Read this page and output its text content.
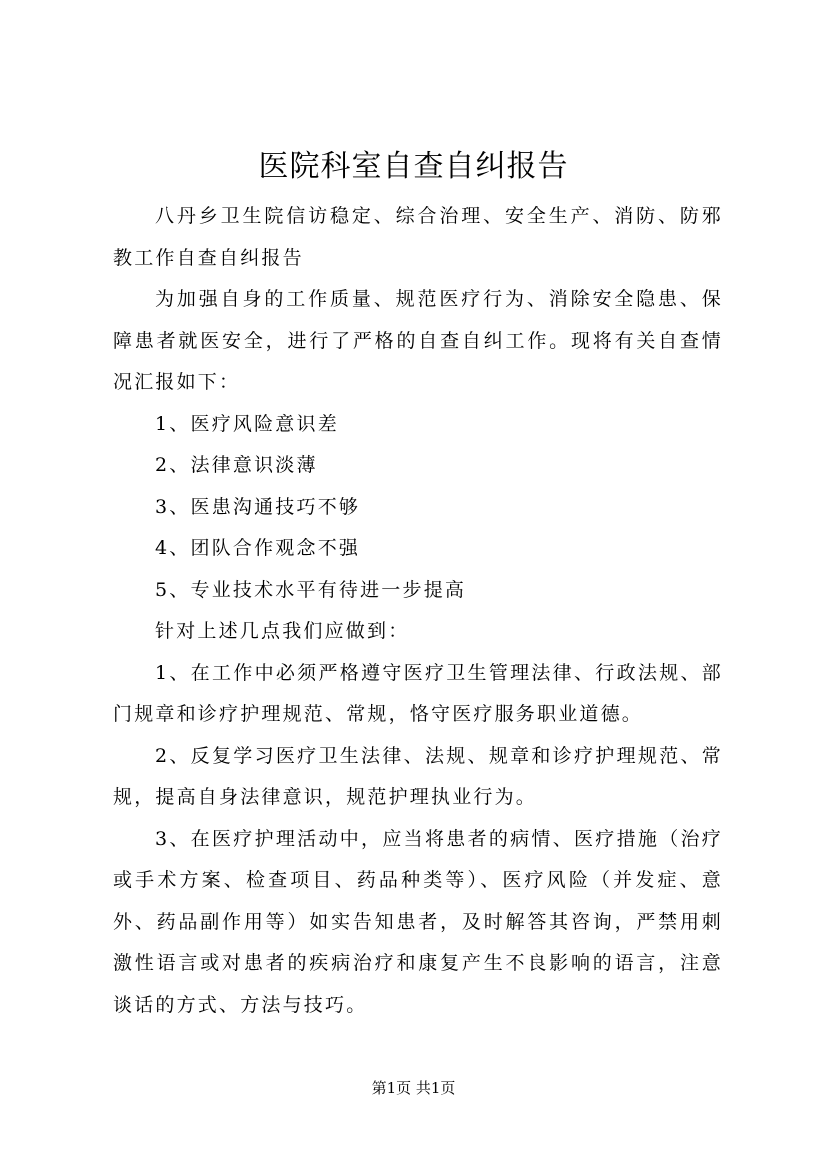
医院科室自查自纠报告

八丹乡卫生院信访稳定、综合治理、安全生产、消防、防邪教工作自查自纠报告

为加强自身的工作质量、规范医疗行为、消除安全隐患、保障患者就医安全，进行了严格的自查自纠工作。现将有关自查情况汇报如下：

1、医疗风险意识差

2、法律意识淡薄

3、医患沟通技巧不够

4、团队合作观念不强

5、专业技术水平有待进一步提高

针对上述几点我们应做到：

1、在工作中必须严格遵守医疗卫生管理法律、行政法规、部门规章和诊疗护理规范、常规，恪守医疗服务职业道德。

2、反复学习医疗卫生法律、法规、规章和诊疗护理规范、常规，提高自身法律意识，规范护理执业行为。

3、在医疗护理活动中，应当将患者的病情、医疗措施（治疗或手术方案、检查项目、药品种类等）、医疗风险（并发症、意外、药品副作用等）如实告知患者，及时解答其咨询，严禁用刺激性语言或对患者的疾病治疗和康复产生不良影响的语言，注意谈话的方式、方法与技巧。

第1页 共1页
